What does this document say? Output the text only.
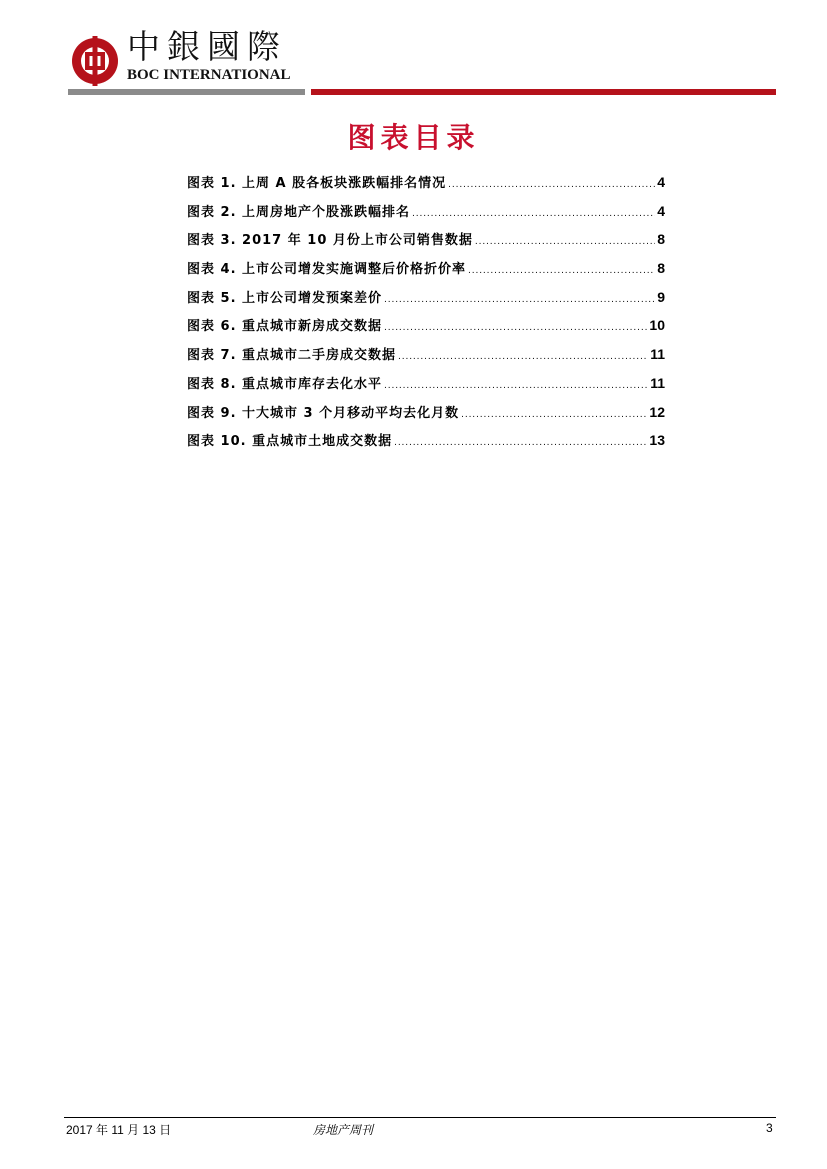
中銀國際
BOC INTERNATIONAL
图表目录
图表 1. 上周 A 股各板块涨跌幅排名情况 . . .	4
图表 2. 上周房地产个股涨跌幅排名 . . .	4
图表 3. 2017 年 10 月份上市公司销售数据 . . .	8
图表 4. 上市公司增发实施调整后价格折价率 . . .	8
图表 5. 上市公司增发预案差价 . . .	9
图表 6. 重点城市新房成交数据 . . .	10
图表 7. 重点城市二手房成交数据 . . .	11
图表 8. 重点城市库存去化水平 . . .	11
图表 9. 十大城市 3 个月移动平均去化月数 . . .	12
图表 10. 重点城市土地成交数据 . . .	13
2017 年 11 月 13 日	房地产周刊	3
